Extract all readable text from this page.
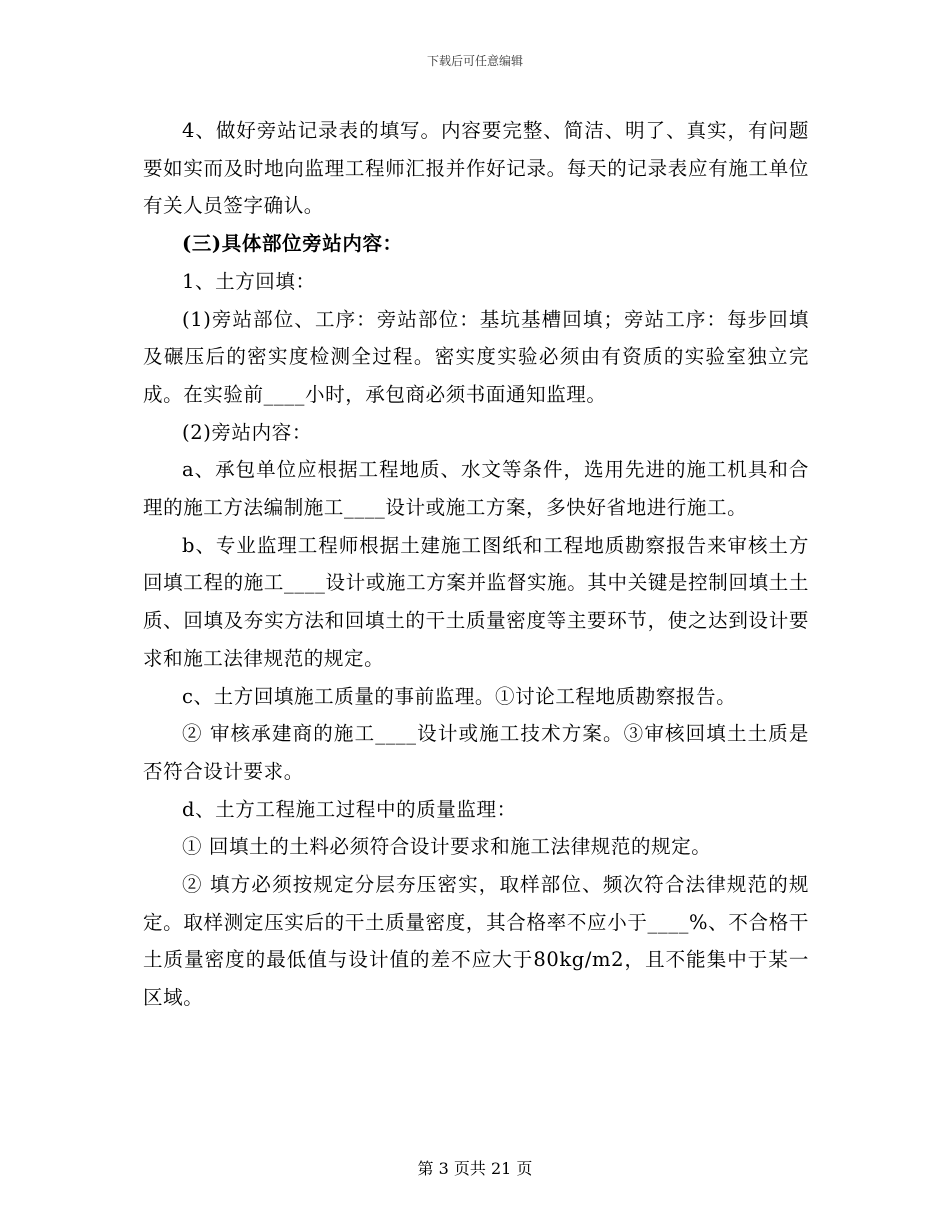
下载后可任意编辑

4、做好旁站记录表的填写。内容要完整、简洁、明了、真实，有问题要如实而及时地向监理工程师汇报并作好记录。每天的记录表应有施工单位有关人员签字确认。

(三)具体部位旁站内容：

1、土方回填：

(1)旁站部位、工序：旁站部位：基坑基槽回填；旁站工序：每步回填及碾压后的密实度检测全过程。密实度实验必须由有资质的实验室独立完成。在实验前____小时，承包商必须书面通知监理。

(2)旁站内容：

a、承包单位应根据工程地质、水文等条件，选用先进的施工机具和合理的施工方法编制施工____设计或施工方案，多快好省地进行施工。

b、专业监理工程师根据土建施工图纸和工程地质勘察报告来审核土方回填工程的施工____设计或施工方案并监督实施。其中关键是控制回填土土质、回填及夯实方法和回填土的干土质量密度等主要环节，使之达到设计要求和施工法律规范的规定。

c、土方回填施工质量的事前监理。①讨论工程地质勘察报告。

② 审核承建商的施工____设计或施工技术方案。③审核回填土土质是否符合设计要求。

d、土方工程施工过程中的质量监理：

① 回填土的土料必须符合设计要求和施工法律规范的规定。

② 填方必须按规定分层夯压密实，取样部位、频次符合法律规范的规定。取样测定压实后的干土质量密度，其合格率不应小于____%、不合格干土质量密度的最低值与设计值的差不应大于80kg/m2，且不能集中于某一区域。

第 3 页共 21 页
